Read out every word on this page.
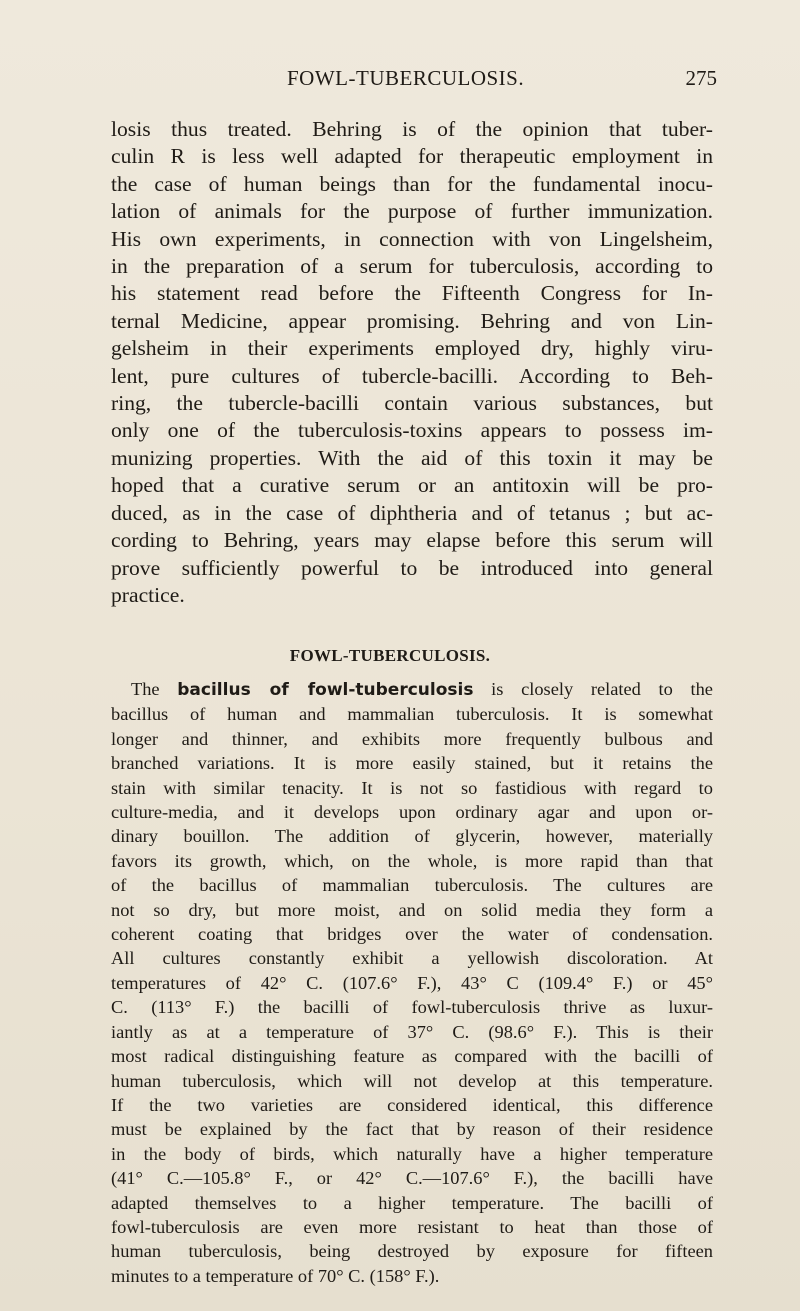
FOWL-TUBERCULOSIS.	275
losis thus treated. Behring is of the opinion that tuber-
culin R is less well adapted for therapeutic employment in
the case of human beings than for the fundamental inocu-
lation of animals for the purpose of further immunization.
His own experiments, in connection with von Lingelsheim,
in the preparation of a serum for tuberculosis, according to
his statement read before the Fifteenth Congress for In-
ternal Medicine, appear promising. Behring and von Lin-
gelsheim in their experiments employed dry, highly viru-
lent, pure cultures of tubercle-bacilli. According to Beh-
ring, the tubercle-bacilli contain various substances, but
only one of the tuberculosis-toxins appears to possess im-
munizing properties. With the aid of this toxin it may be
hoped that a curative serum or an antitoxin will be pro-
duced, as in the case of diphtheria and of tetanus ; but ac-
cording to Behring, years may elapse before this serum will
prove sufficiently powerful to be introduced into general
practice.
FOWL-TUBERCULOSIS.
The bacillus of fowl-tuberculosis is closely related to the
bacillus of human and mammalian tuberculosis. It is somewhat
longer and thinner, and exhibits more frequently bulbous and
branched variations. It is more easily stained, but it retains the
stain with similar tenacity. It is not so fastidious with regard to
culture-media, and it develops upon ordinary agar and upon or-
dinary bouillon. The addition of glycerin, however, materially
favors its growth, which, on the whole, is more rapid than that
of the bacillus of mammalian tuberculosis. The cultures are
not so dry, but more moist, and on solid media they form a
coherent coating that bridges over the water of condensation.
All cultures constantly exhibit a yellowish discoloration. At
temperatures of 42° C. (107.6° F.), 43° C (109.4° F.) or 45°
C. (113° F.) the bacilli of fowl-tuberculosis thrive as luxur-
iantly as at a temperature of 37° C. (98.6° F.). This is their
most radical distinguishing feature as compared with the bacilli of
human tuberculosis, which will not develop at this temperature.
If the two varieties are considered identical, this difference
must be explained by the fact that by reason of their residence
in the body of birds, which naturally have a higher temperature
(41° C.—105.8° F., or 42° C.—107.6° F.), the bacilli have
adapted themselves to a higher temperature. The bacilli of
fowl-tuberculosis are even more resistant to heat than those of
human tuberculosis, being destroyed by exposure for fifteen
minutes to a temperature of 70° C. (158° F.).
